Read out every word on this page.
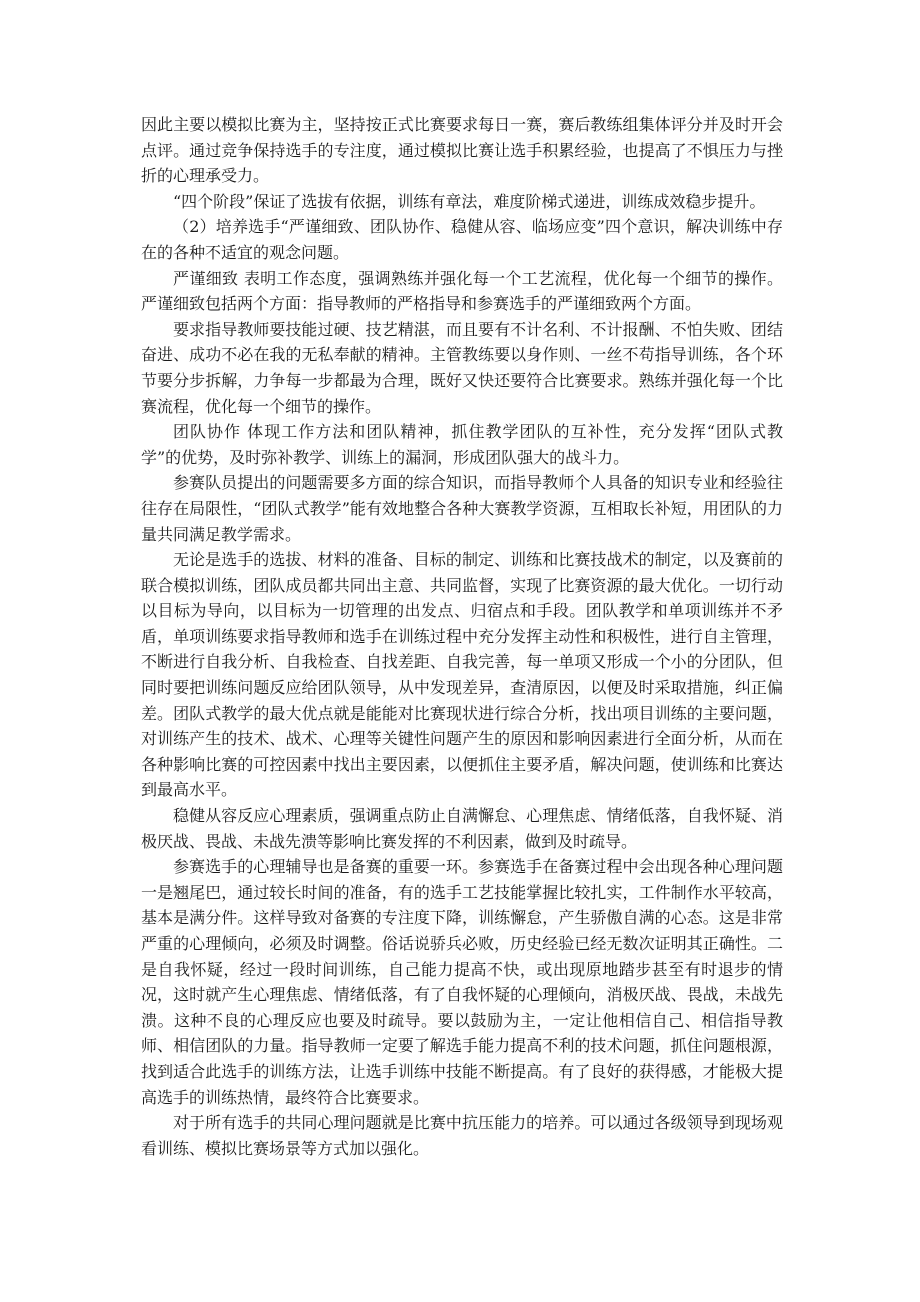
因此主要以模拟比赛为主，坚持按正式比赛要求每日一赛，赛后教练组集体评分并及时开会点评。通过竞争保持选手的专注度，通过模拟比赛让选手积累经验，也提高了不惧压力与挫折的心理承受力。

“四个阶段”保证了选拔有依据，训练有章法，难度阶梯式递进，训练成效稳步提升。

（2）培养选手“严谨细致、团队协作、稳健从容、临场应变”四个意识，解决训练中存在的各种不适宜的观念问题。

严谨细致 表明工作态度，强调熟练并强化每一个工艺流程，优化每一个细节的操作。严谨细致包括两个方面：指导教师的严格指导和参赛选手的严谨细致两个方面。

要求指导教师要技能过硬、技艺精湛，而且要有不计名利、不计报酬、不怕失败、团结奋进、成功不必在我的无私奉献的精神。主管教练要以身作则、一丝不苟指导训练，各个环节要分步拆解，力争每一步都最为合理，既好又快还要符合比赛要求。熟练并强化每一个比赛流程，优化每一个细节的操作。

团队协作 体现工作方法和团队精神，抓住教学团队的互补性，充分发挥“团队式教学”的优势，及时弥补教学、训练上的漏洞，形成团队强大的战斗力。

参赛队员提出的问题需要多方面的综合知识，而指导教师个人具备的知识专业和经验往往存在局限性，“团队式教学”能有效地整合各种大赛教学资源，互相取长补短，用团队的力量共同满足教学需求。

无论是选手的选拔、材料的准备、目标的制定、训练和比赛技战术的制定，以及赛前的联合模拟训练，团队成员都共同出主意、共同监督，实现了比赛资源的最大优化。一切行动以目标为导向，以目标为一切管理的出发点、归宿点和手段。团队教学和单项训练并不矛盾，单项训练要求指导教师和选手在训练过程中充分发挥主动性和积极性，进行自主管理，不断进行自我分析、自我检查、自找差距、自我完善，每一单项又形成一个小的分团队，但同时要把训练问题反应给团队领导，从中发现差异，查清原因，以便及时采取措施，纠正偏差。团队式教学的最大优点就是能能对比赛现状进行综合分析，找出项目训练的主要问题，对训练产生的技术、战术、心理等关键性问题产生的原因和影响因素进行全面分析，从而在各种影响比赛的可控因素中找出主要因素，以便抓住主要矛盾，解决问题，使训练和比赛达到最高水平。

稳健从容反应心理素质，强调重点防止自满懈怠、心理焦虑、情绪低落，自我怀疑、消极厌战、畏战、未战先溃等影响比赛发挥的不利因素，做到及时疏导。

参赛选手的心理辅导也是备赛的重要一环。参赛选手在备赛过程中会出现各种心理问题一是翘尾巴，通过较长时间的准备，有的选手工艺技能掌握比较扎实，工件制作水平较高，基本是满分件。这样导致对备赛的专注度下降，训练懈怠，产生骄傲自满的心态。这是非常严重的心理倾向，必须及时调整。俗话说骄兵必败，历史经验已经无数次证明其正确性。二是自我怀疑，经过一段时间训练，自己能力提高不快，或出现原地踏步甚至有时退步的情况，这时就产生心理焦虑、情绪低落，有了自我怀疑的心理倾向，消极厌战、畏战，未战先溃。这种不良的心理反应也要及时疏导。要以鼓励为主，一定让他相信自己、相信指导教师、相信团队的力量。指导教师一定要了解选手能力提高不利的技术问题，抓住问题根源，找到适合此选手的训练方法，让选手训练中技能不断提高。有了良好的获得感，才能极大提高选手的训练热情，最终符合比赛要求。

对于所有选手的共同心理问题就是比赛中抗压能力的培养。可以通过各级领导到现场观看训练、模拟比赛场景等方式加以强化。
